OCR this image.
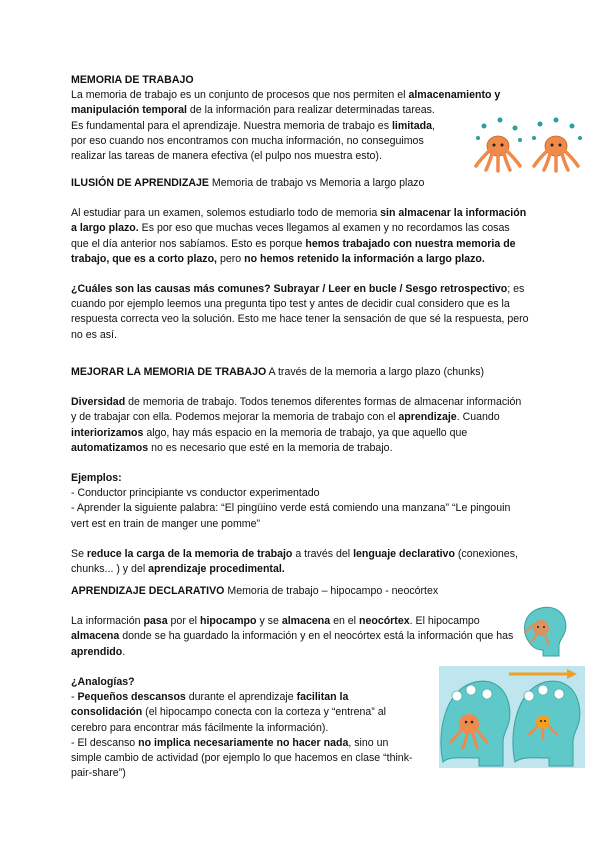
MEMORIA DE TRABAJO

La memoria de trabajo es un conjunto de procesos que nos permiten el almacenamiento y

manipulación temporal de la información para realizar determinadas tareas.

Es fundamental para el aprendizaje. Nuestra memoria de trabajo es limitada,

por eso cuando nos encontramos con mucha información, no conseguimos

realizar las tareas de manera efectiva (el pulpo nos muestra esto).

ILUSIÓN DE APRENDIZAJE Memoria de trabajo vs Memoria a largo plazo

Al estudiar para un examen, solemos estudiarlo todo de memoria sin almacenar la información a largo plazo. Es por eso que muchas veces llegamos al examen y no recordamos las cosas que el día anterior nos sabíamos. Esto es porque hemos trabajado con nuestra memoria de trabajo, que es a corto plazo, pero no hemos retenido la información a largo plazo.

¿Cuáles son las causas más comunes? Subrayar / Leer en bucle / Sesgo retrospectivo; es cuando por ejemplo leemos una pregunta tipo test y antes de decidir cual considero que es la respuesta correcta veo la solución. Esto me hace tener la sensación de que sé la respuesta, pero no es así.

MEJORAR LA MEMORIA DE TRABAJO A través de la memoria a largo plazo (chunks)

Diversidad de memoria de trabajo. Todos tenemos diferentes formas de almacenar información y de trabajar con ella. Podemos mejorar la memoria de trabajo con el aprendizaje. Cuando interiorizamos algo, hay más espacio en la memoria de trabajo, ya que aquello que automatizamos no es necesario que esté en la memoria de trabajo.

Ejemplos:

- Conductor principiante vs conductor experimentado

- Aprender la siguiente palabra: “El pingüino verde está comiendo una manzana” “Le pingouin vert est en train de manger une pomme”

Se reduce la carga de la memoria de trabajo a través del lenguaje declarativo (conexiones, chunks... ) y del aprendizaje procedimental.

APRENDIZAJE DECLARATIVO Memoria de trabajo – hipocampo - neocórtex

La información pasa por el hipocampo y se almacena en el neocórtex. El hipocampo almacena donde se ha guardado la información y en el neocórtex está la información que has aprendido.

¿Analogías?

- Pequeños descansos durante el aprendizaje facilitan la consolidación (el hipocampo conecta con la corteza y “entrena” al cerebro para encontrar más fácilmente la información).

- El descanso no implica necesariamente no hacer nada, sino un simple cambio de actividad (por ejemplo lo que hacemos en clase “think-pair-share”)
